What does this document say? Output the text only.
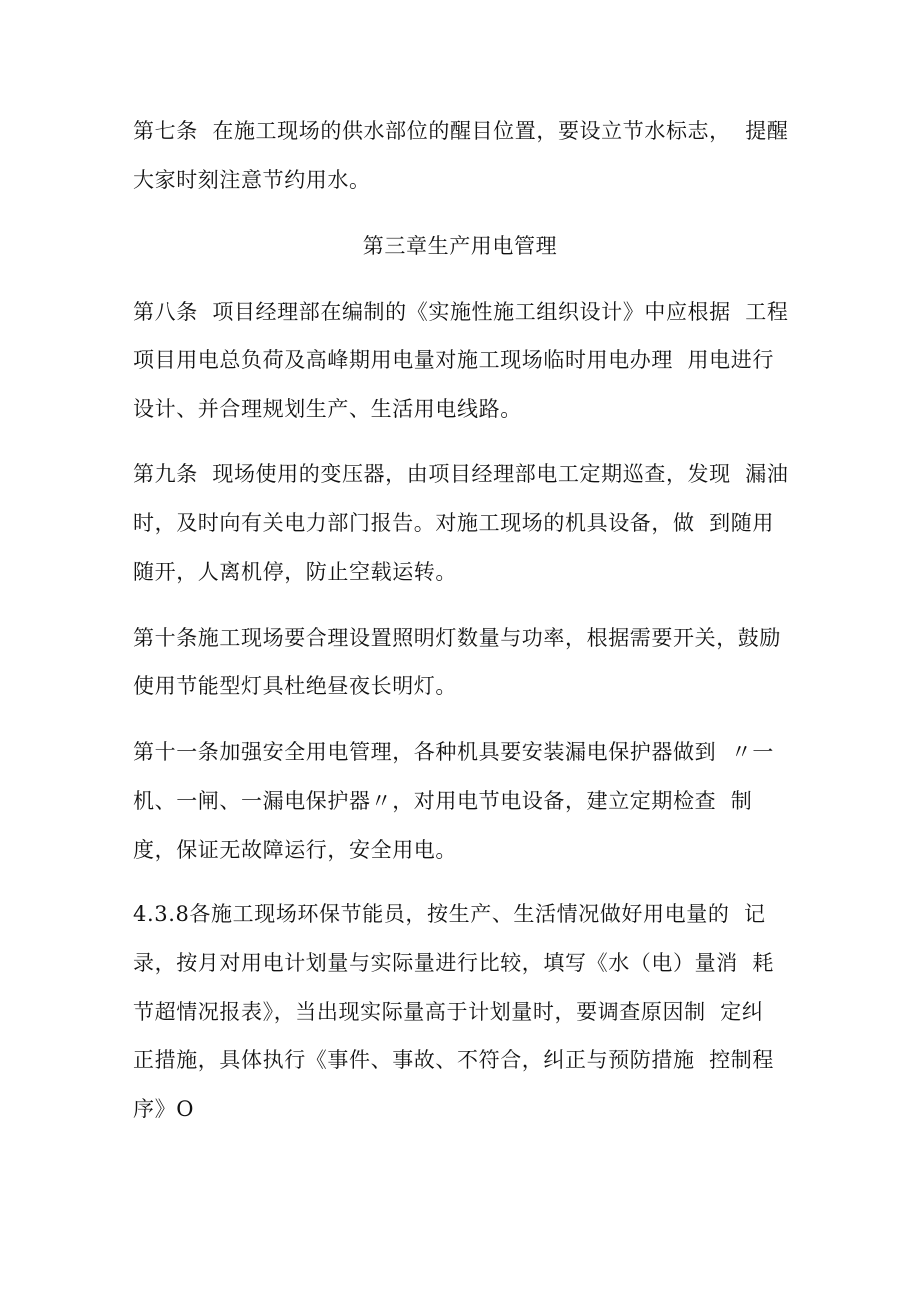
第七条  在施工现场的供水部位的醒目位置，要设立节水标志，  提醒
大家时刻注意节约用水。
第三章生产用电管理
第八条  项目经理部在编制的《实施性施工组织设计》中应根据  工程
项目用电总负荷及高峰期用电量对施工现场临时用电办理  用电进行
设计、并合理规划生产、生活用电线路。
第九条  现场使用的变压器，由项目经理部电工定期巡查，发现  漏油
时，及时向有关电力部门报告。对施工现场的机具设备，做  到随用
随开，人离机停，防止空载运转。
第十条施工现场要合理设置照明灯数量与功率，根据需要开关，鼓励
使用节能型灯具杜绝昼夜长明灯。
第十一条加强安全用电管理，各种机具要安装漏电保护器做到  〃一
机、一闸、一漏电保护器〃，对用电节电设备，建立定期检查  制
度，保证无故障运行，安全用电。
4.3.8各施工现场环保节能员，按生产、生活情况做好用电量的  记
录，按月对用电计划量与实际量进行比较，填写《水（电）量消  耗
节超情况报表》，当出现实际量高于计划量时，要调查原因制  定纠
正措施，具体执行《事件、事故、不符合，纠正与预防措施  控制程
序》O
